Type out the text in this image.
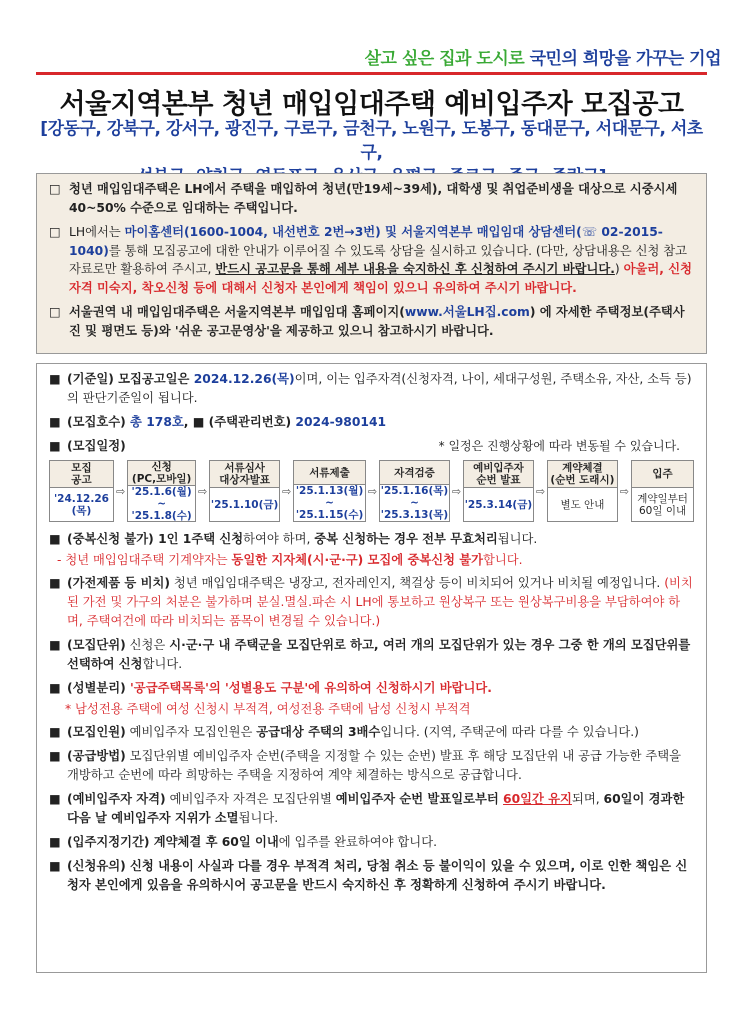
살고 싶은 집과 도시로 국민의 희망을 가꾸는 기업
서울지역본부 청년 매입임대주택 예비입주자 모집공고
[강동구, 강북구, 강서구, 광진구, 구로구, 금천구, 노원구, 도봉구, 동대문구, 서대문구, 서초구,

□ 청년 매입임대주택은 LH에서 주택을 매입하여 청년(만19세~39세), 대학생 및 취업준비생을 대상으로 시중시세 40~50% 수준으로 임대하는 주택입니다.

□ LH에서는 마이홈센터(1600-1004, 내선번호 2번→3번) 및 서울지역본부 매입임대 상담센터(☏ 02-2015-1040)를 통해 모집공고에 대한 안내가 이루어질 수 있도록 상담을 실시하고 있습니다. (다만, 상담내용은 신청 참고자료로만 활용하여 주시고, 반드시 공고문을 통해 세부 내용을 숙지하신 후 신청하여 주시기 바랍니다.) 아울러, 신청자격 미숙지, 착오신청 등에 대해서 신청자 본인에게 책임이 있으니 유의하여 주시기 바랍니다.

□ 서울권역 내 매입임대주택은 서울지역본부 매입임대 홈페이지(www.서울LH집.com) 에 자세한 주택정보(주택사진 및 평면도 등)와 '쉬운 공고문영상'을 제공하고 있으니 참고하시기 바랍니다.

■ (기준일) 모집공고일은 2024.12.26(목)이며, 이는 입주자격(신청자격, 나이, 세대구성원, 주택소유, 자산, 소득 등)의 판단기준일이 됩니다.
■ (모집호수) 총 178호, ■ (주택관리번호) 2024-980141
■ (모집일정)	* 일정은 진행상황에 따라 변동될 수 있습니다.
모집
공고
'24.12.26
(목)
⇨
신청
(PC,모바일)
'25.1.6(월)
~
'25.1.8(수)
⇨
서류심사
대상자발표
'25.1.10(금)
⇨
서류제출
'25.1.13(월)
~
'25.1.15(수)
⇨
자격검증
'25.1.16(목)
~
'25.3.13(목)
⇨
예비입주자
순번 발표
'25.3.14(금)
⇨
계약체결
(순번 도래시)
별도 안내
⇨
입주
계약일부터
60일 이내
■ (중복신청 불가) 1인 1주택 신청하여야 하며, 중복 신청하는 경우 전부 무효처리됩니다.
- 청년 매입임대주택 기계약자는 동일한 지자체(시·군·구) 모집에 중복신청 불가합니다.
■ (가전제품 등 비치) 청년 매입임대주택은 냉장고, 전자레인지, 책걸상 등이 비치되어 있거나 비치될 예정입니다. (비치된 가전 및 가구의 처분은 불가하며 분실.멸실.파손 시 LH에 통보하고 원상복구 또는 원상복구비용을 부담하여야 하며, 주택여건에 따라 비치되는 품목이 변경될 수 있습니다.)
■ (모집단위) 신청은 시·군·구 내 주택군을 모집단위로 하고, 여러 개의 모집단위가 있는 경우 그중 한 개의 모집단위를 선택하여 신청합니다.
■ (성별분리) '공급주택목록'의 '성별용도 구분'에 유의하여 신청하시기 바랍니다.
* 남성전용 주택에 여성 신청시 부적격, 여성전용 주택에 남성 신청시 부적격
■ (모집인원) 예비입주자 모집인원은 공급대상 주택의 3배수입니다. (지역, 주택군에 따라 다를 수 있습니다.)
■ (공급방법) 모집단위별 예비입주자 순번(주택을 지정할 수 있는 순번) 발표 후 해당 모집단위 내 공급 가능한 주택을 개방하고 순번에 따라 희망하는 주택을 지정하여 계약 체결하는 방식으로 공급합니다.
■ (예비입주자 자격) 예비입주자 자격은 모집단위별 예비입주자 순번 발표일로부터 60일간 유지되며, 60일이 경과한 다음 날 예비입주자 지위가 소멸됩니다.
■ (입주지정기간) 계약체결 후 60일 이내에 입주를 완료하여야 합니다.
■ (신청유의) 신청 내용이 사실과 다를 경우 부적격 처리, 당첨 취소 등 불이익이 있을 수 있으며, 이로 인한 책임은 신청자 본인에게 있음을 유의하시어 공고문을 반드시 숙지하신 후 정확하게 신청하여 주시기 바랍니다.
